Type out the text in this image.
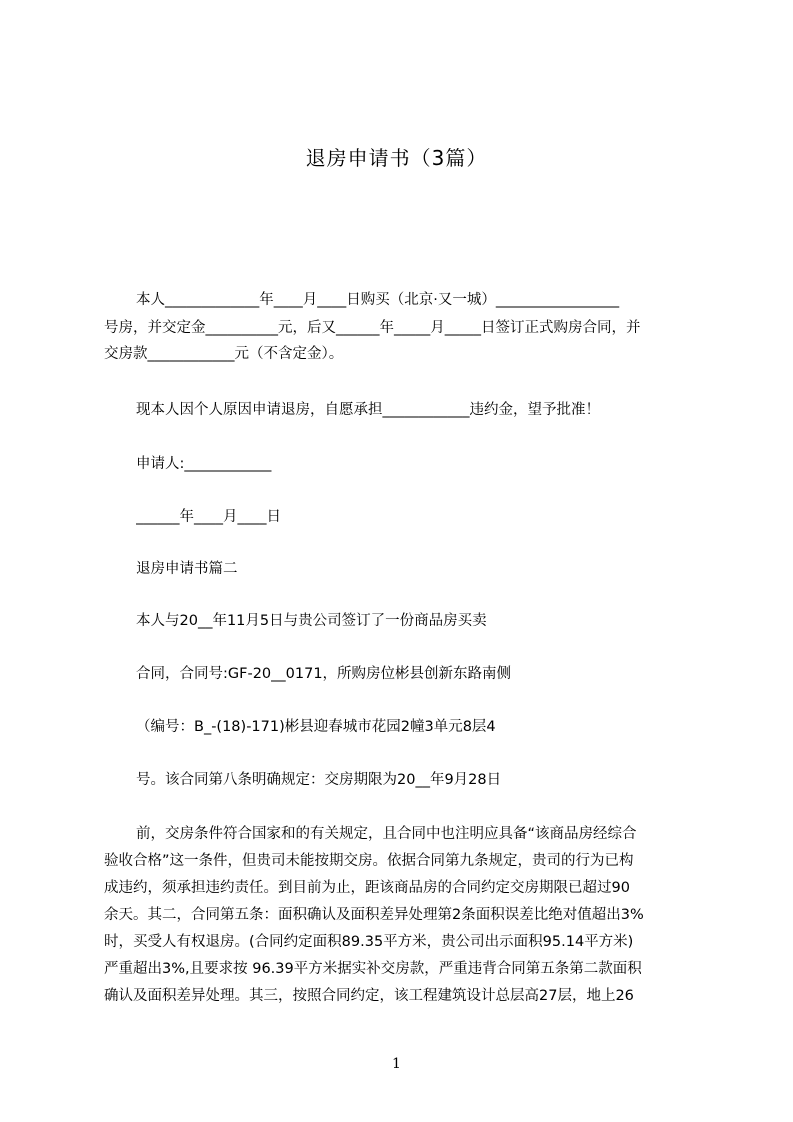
退房申请书（3篇）
本人_____________年____月____日购买（北京·又一城）_________________
号房，并交定金__________元，后又______年_____月_____日签订正式购房合同，并
交房款____________元（不含定金）。
现本人因个人原因申请退房，自愿承担____________违约金，望予批准！
申请人:____________
______年____月____日
退房申请书篇二
本人与20__年11月5日与贵公司签订了一份商品房买卖
合同，合同号:GF-20__0171，所购房位彬县创新东路南侧
（编号：B_-(18)-171)彬县迎春城市花园2幢3单元8层4
号。该合同第八条明确规定：交房期限为20__年9月28日
前，交房条件符合国家和的有关规定，且合同中也注明应具备“该商品房经综合
验收合格”这一条件，但贵司未能按期交房。依据合同第九条规定，贵司的行为已构
成违约，须承担违约责任。到目前为止，距该商品房的合同约定交房期限已超过90
余天。其二，合同第五条：面积确认及面积差异处理第2条面积误差比绝对值超出3%
时，买受人有权退房。(合同约定面积89.35平方米，贵公司出示面积95.14平方米)
严重超出3%,且要求按 96.39平方米据实补交房款，严重违背合同第五条第二款面积
确认及面积差异处理。其三，按照合同约定，该工程建筑设计总层高27层，地上26
1
